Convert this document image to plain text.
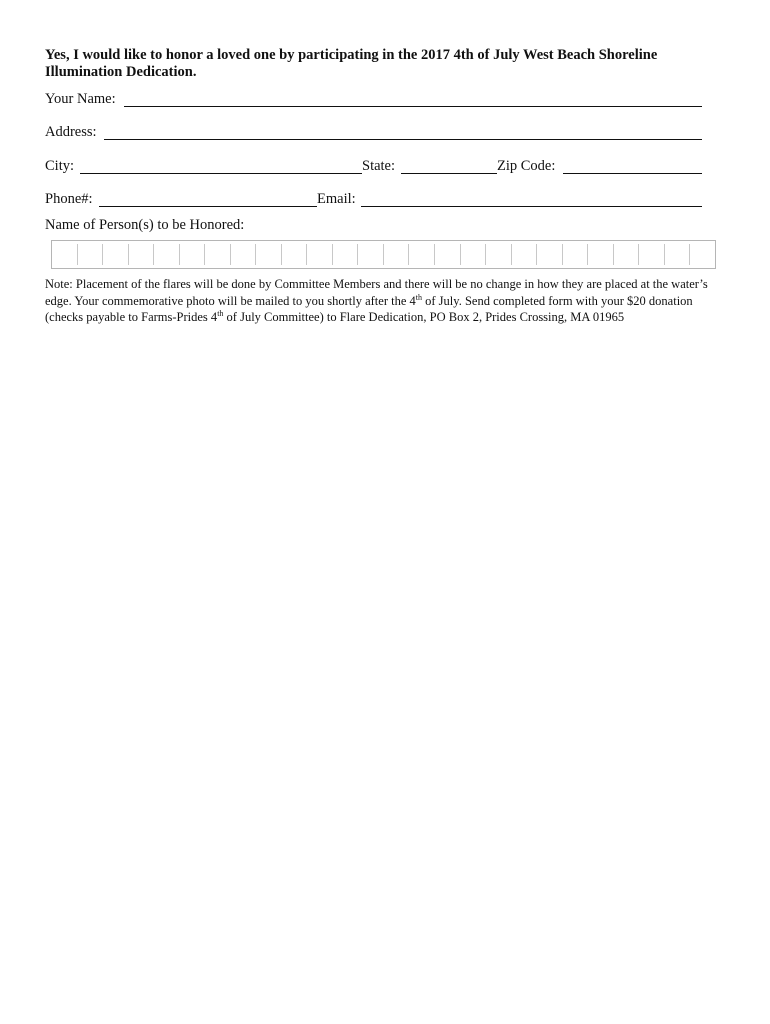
Yes, I would like to honor a loved one by participating in the 2017 4th of July West Beach Shoreline Illumination Dedication.
Your Name:
Address:
City:	State:	Zip Code:
Phone#:	Email:
Name of Person(s) to be Honored:
Note: Placement of the flares will be done by Committee Members and there will be no change in how they are placed at the water’s edge. Your commemorative photo will be mailed to you shortly after the 4th of July. Send completed form with your $20 donation (checks payable to Farms-Prides 4th of July Committee) to Flare Dedication, PO Box 2, Prides Crossing, MA 01965
